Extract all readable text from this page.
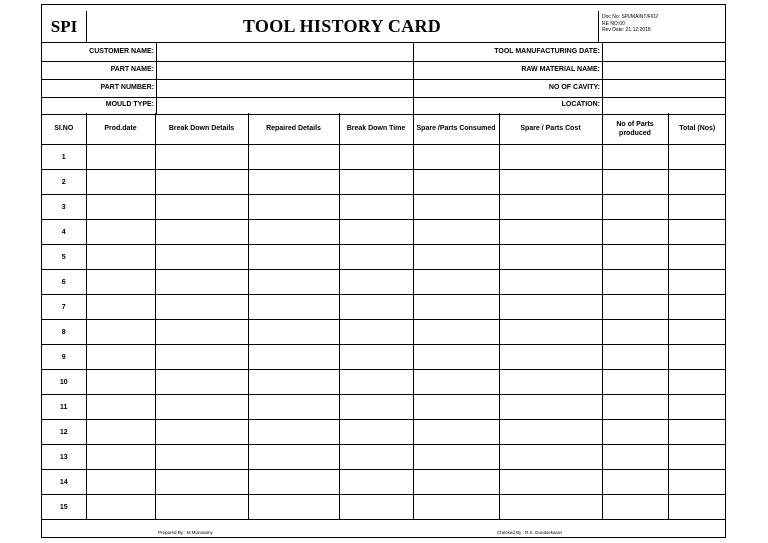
SPI	TOOL HISTORY CARD	Doc No: SPI/MAINT/F/02
RE NO:00
Rev Date: 21.12.2018
CUSTOMER NAME:	TOOL MANUFACTURING DATE:
PART NAME:	RAW MATERIAL NAME:
PART NUMBER:	NO OF CAVITY:
MOULD TYPE:	LOCATION:
SI.NO	Prod.date	Break Down Details	Repaired Details	Break Down Time	Spare /Parts Consumed	Spare / Parts Cost	No of Parts produced	Total (Nos)
1								
2								
3								
4								
5								
6								
7								
8								
9								
10								
11								
12								
13								
14								
15								
Prepared By : M.Murusamy	Checked By : R.S. Gunasekaran
